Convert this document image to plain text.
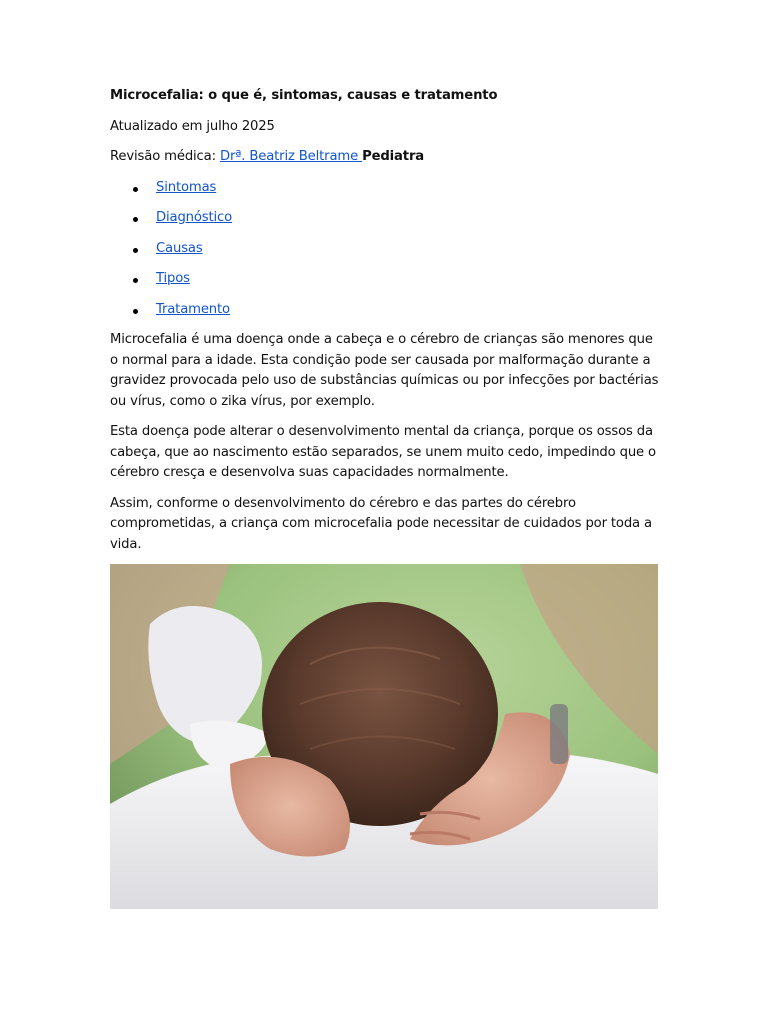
Microcefalia: o que é, sintomas, causas e tratamento

Atualizado em julho 2025

Revisão médica: Drª. Beatriz Beltrame Pediatra

Sintomas
Diagnóstico
Causas
Tipos
Tratamento

Microcefalia é uma doença onde a cabeça e o cérebro de crianças são menores que o normal para a idade. Esta condição pode ser causada por malformação durante a gravidez provocada pelo uso de substâncias químicas ou por infecções por bactérias ou vírus, como o zika vírus, por exemplo.

Esta doença pode alterar o desenvolvimento mental da criança, porque os ossos da cabeça, que ao nascimento estão separados, se unem muito cedo, impedindo que o cérebro cresça e desenvolva suas capacidades normalmente.

Assim, conforme o desenvolvimento do cérebro e das partes do cérebro comprometidas, a criança com microcefalia pode necessitar de cuidados por toda a vida.
